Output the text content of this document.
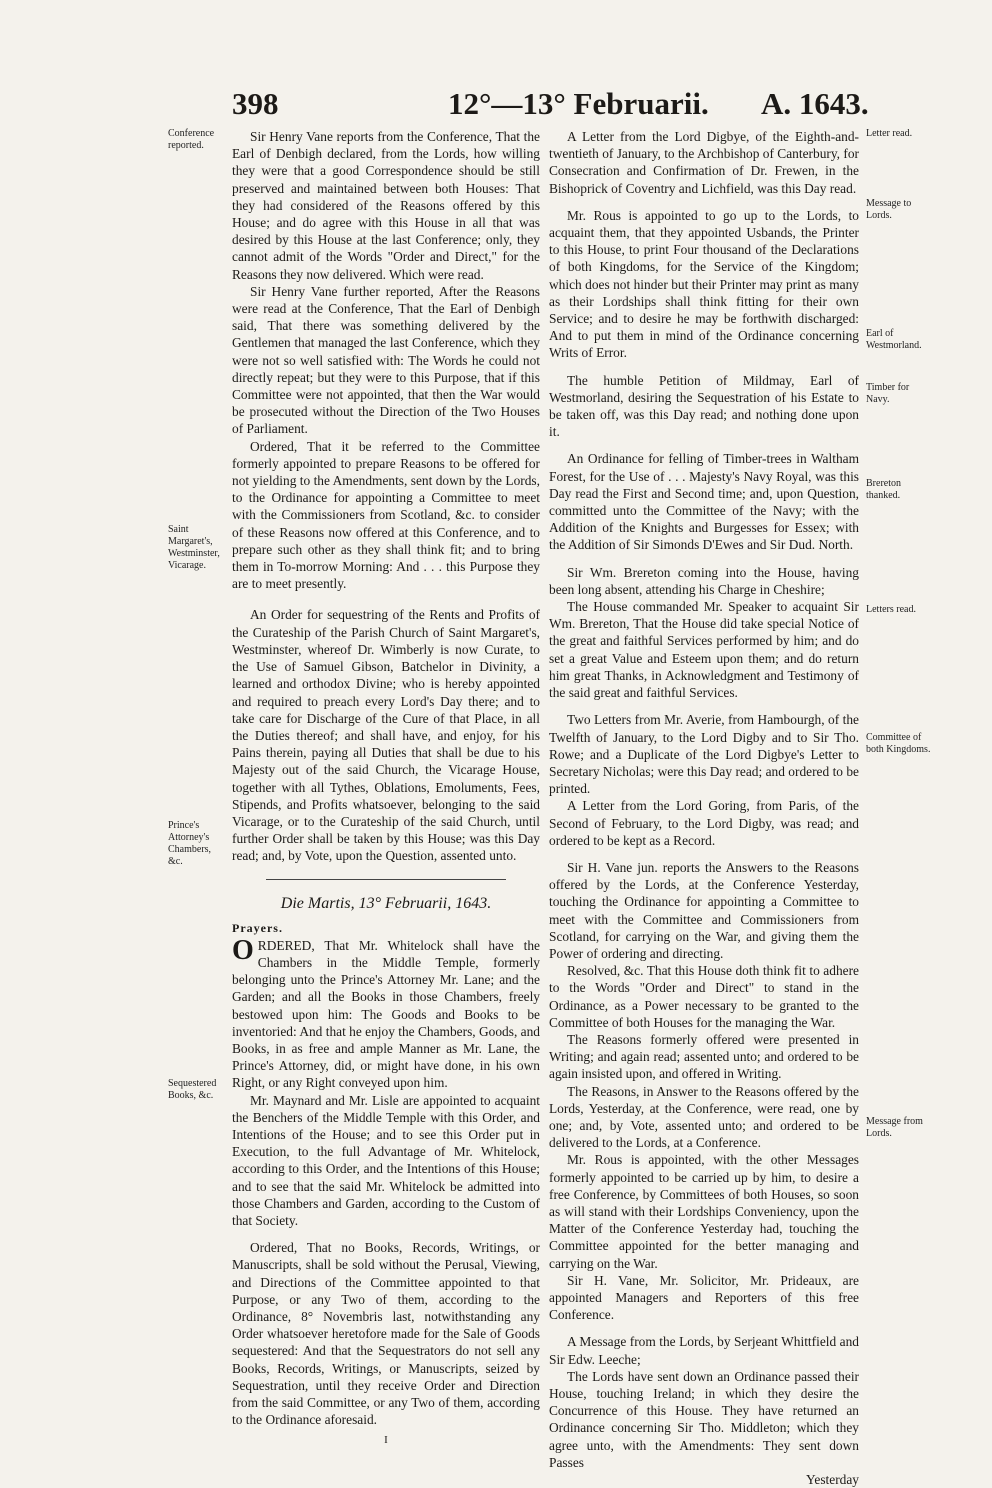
398	12°—13° Februarii. A. 1643.
Conference reported.
Saint Margaret's, Westminster, Vicarage.
Prince's Attorney's Chambers, &c.
Sequestered Books, &c.
Letter read.
Message to Lords.
Earl of Westmorland.
Timber for Navy.
Brereton thanked.
Letters read.
Committee of both Kingdoms.
Message from Lords.

Sir Henry Vane reports from the Conference, That the Earl of Denbigh declared, from the Lords, how willing they were that a good Correspondence should be still preserved and maintained between both Houses: That they had considered of the Reasons offered by this House; and do agree with this House in all that was desired by this House at the last Conference; only, they cannot admit of the Words "Order and Direct," for the Reasons they now delivered. Which were read.

Sir Henry Vane further reported, After the Reasons were read at the Conference, That the Earl of Denbigh said, That there was something delivered by the Gentlemen that managed the last Conference, which they were not so well satisfied with: The Words he could not directly repeat; but they were to this Purpose, that if this Committee were not appointed, that then the War would be prosecuted without the Direction of the Two Houses of Parliament.

Ordered, That it be referred to the Committee formerly appointed to prepare Reasons to be offered for not yielding to the Amendments, sent down by the Lords, to the Ordinance for appointing a Committee to meet with the Commissioners from Scotland, &c. to consider of these Reasons now offered at this Conference, and to prepare such other as they shall think fit; and to bring them in To-morrow Morning: And . . . this Purpose they are to meet presently.

An Order for sequestring of the Rents and Profits of the Curateship of the Parish Church of Saint Margaret's, Westminster, whereof Dr. Wimberly is now Curate, to the Use of Samuel Gibson, Batchelor in Divinity, a learned and orthodox Divine; who is hereby appointed and required to preach every Lord's Day there; and to take care for Discharge of the Cure of that Place, in all the Duties thereof; and shall have, and enjoy, for his Pains therein, paying all Duties that shall be due to his Majesty out of the said Church, the Vicarage House, together with all Tythes, Oblations, Emoluments, Fees, Stipends, and Profits whatsoever, belonging to the said Vicarage, or to the Curateship of the said Church, until further Order shall be taken by this House; was this Day read; and, by Vote, upon the Question, assented unto.

Die Martis, 13° Februarii, 1643.
Prayers.

ORDERED, That Mr. Whitelock shall have the Chambers in the Middle Temple, formerly belonging unto the Prince's Attorney Mr. Lane; and the Garden; and all the Books in those Chambers, freely bestowed upon him: The Goods and Books to be inventoried: And that he enjoy the Chambers, Goods, and Books, in as free and ample Manner as Mr. Lane, the Prince's Attorney, did, or might have done, in his own Right, or any Right conveyed upon him.

Mr. Maynard and Mr. Lisle are appointed to acquaint the Benchers of the Middle Temple with this Order, and Intentions of the House; and to see this Order put in Execution, to the full Advantage of Mr. Whitelock, according to this Order, and the Intentions of this House; and to see that the said Mr. Whitelock be admitted into those Chambers and Garden, according to the Custom of that Society.

Ordered, That no Books, Records, Writings, or Manuscripts, shall be sold without the Perusal, Viewing, and Directions of the Committee appointed to that Purpose, or any Two of them, according to the Ordinance, 8° Novembris last, notwithstanding any Order whatsoever heretofore made for the Sale of Goods sequestered: And that the Sequestrators do not sell any Books, Records, Writings, or Manuscripts, seized by Sequestration, until they receive Order and Direction from the said Committee, or any Two of them, according to the Ordinance aforesaid.

I

A Letter from the Lord Digbye, of the Eighth-and-twentieth of January, to the Archbishop of Canterbury, for Consecration and Confirmation of Dr. Frewen, in the Bishoprick of Coventry and Lichfield, was this Day read.

Mr. Rous is appointed to go up to the Lords, to acquaint them, that they appointed Usbands, the Printer to this House, to print Four thousand of the Declarations of both Kingdoms, for the Service of the Kingdom; which does not hinder but their Printer may print as many as their Lordships shall think fitting for their own Service; and to desire he may be forthwith discharged: And to put them in mind of the Ordinance concerning Writs of Error.

The humble Petition of Mildmay, Earl of Westmorland, desiring the Sequestration of his Estate to be taken off, was this Day read; and nothing done upon it.

An Ordinance for felling of Timber-trees in Waltham Forest, for the Use of . . . Majesty's Navy Royal, was this Day read the First and Second time; and, upon Question, committed unto the Committee of the Navy; with the Addition of the Knights and Burgesses for Essex; with the Addition of Sir Simonds D'Ewes and Sir Dud. North.

Sir Wm. Brereton coming into the House, having been long absent, attending his Charge in Cheshire;

The House commanded Mr. Speaker to acquaint Sir Wm. Brereton, That the House did take special Notice of the great and faithful Services performed by him; and do set a great Value and Esteem upon them; and do return him great Thanks, in Acknowledgment and Testimony of the said great and faithful Services.

Two Letters from Mr. Averie, from Hambourgh, of the Twelfth of January, to the Lord Digby and to Sir Tho. Rowe; and a Duplicate of the Lord Digbye's Letter to Secretary Nicholas; were this Day read; and ordered to be printed.

A Letter from the Lord Goring, from Paris, of the Second of February, to the Lord Digby, was read; and ordered to be kept as a Record.

Sir H. Vane jun. reports the Answers to the Reasons offered by the Lords, at the Conference Yesterday, touching the Ordinance for appointing a Committee to meet with the Committee and Commissioners from Scotland, for carrying on the War, and giving them the Power of ordering and directing.

Resolved, &c. That this House doth think fit to adhere to the Words "Order and Direct" to stand in the Ordinance, as a Power necessary to be granted to the Committee of both Houses for the managing the War.

The Reasons formerly offered were presented in Writing; and again read; assented unto; and ordered to be again insisted upon, and offered in Writing.

The Reasons, in Answer to the Reasons offered by the Lords, Yesterday, at the Conference, were read, one by one; and, by Vote, assented unto; and ordered to be delivered to the Lords, at a Conference.

Mr. Rous is appointed, with the other Messages formerly appointed to be carried up by him, to desire a free Conference, by Committees of both Houses, so soon as will stand with their Lordships Conveniency, upon the Matter of the Conference Yesterday had, touching the Committee appointed for the better managing and carrying on the War.

Sir H. Vane, Mr. Solicitor, Mr. Prideaux, are appointed Managers and Reporters of this free Conference.

A Message from the Lords, by Serjeant Whittfield and Sir Edw. Leeche;

The Lords have sent down an Ordinance passed their House, touching Ireland; in which they desire the Concurrence of this House. They have returned an Ordinance concerning Sir Tho. Middleton; which they agree unto, with the Amendments: They sent down Passes

Yesterday
